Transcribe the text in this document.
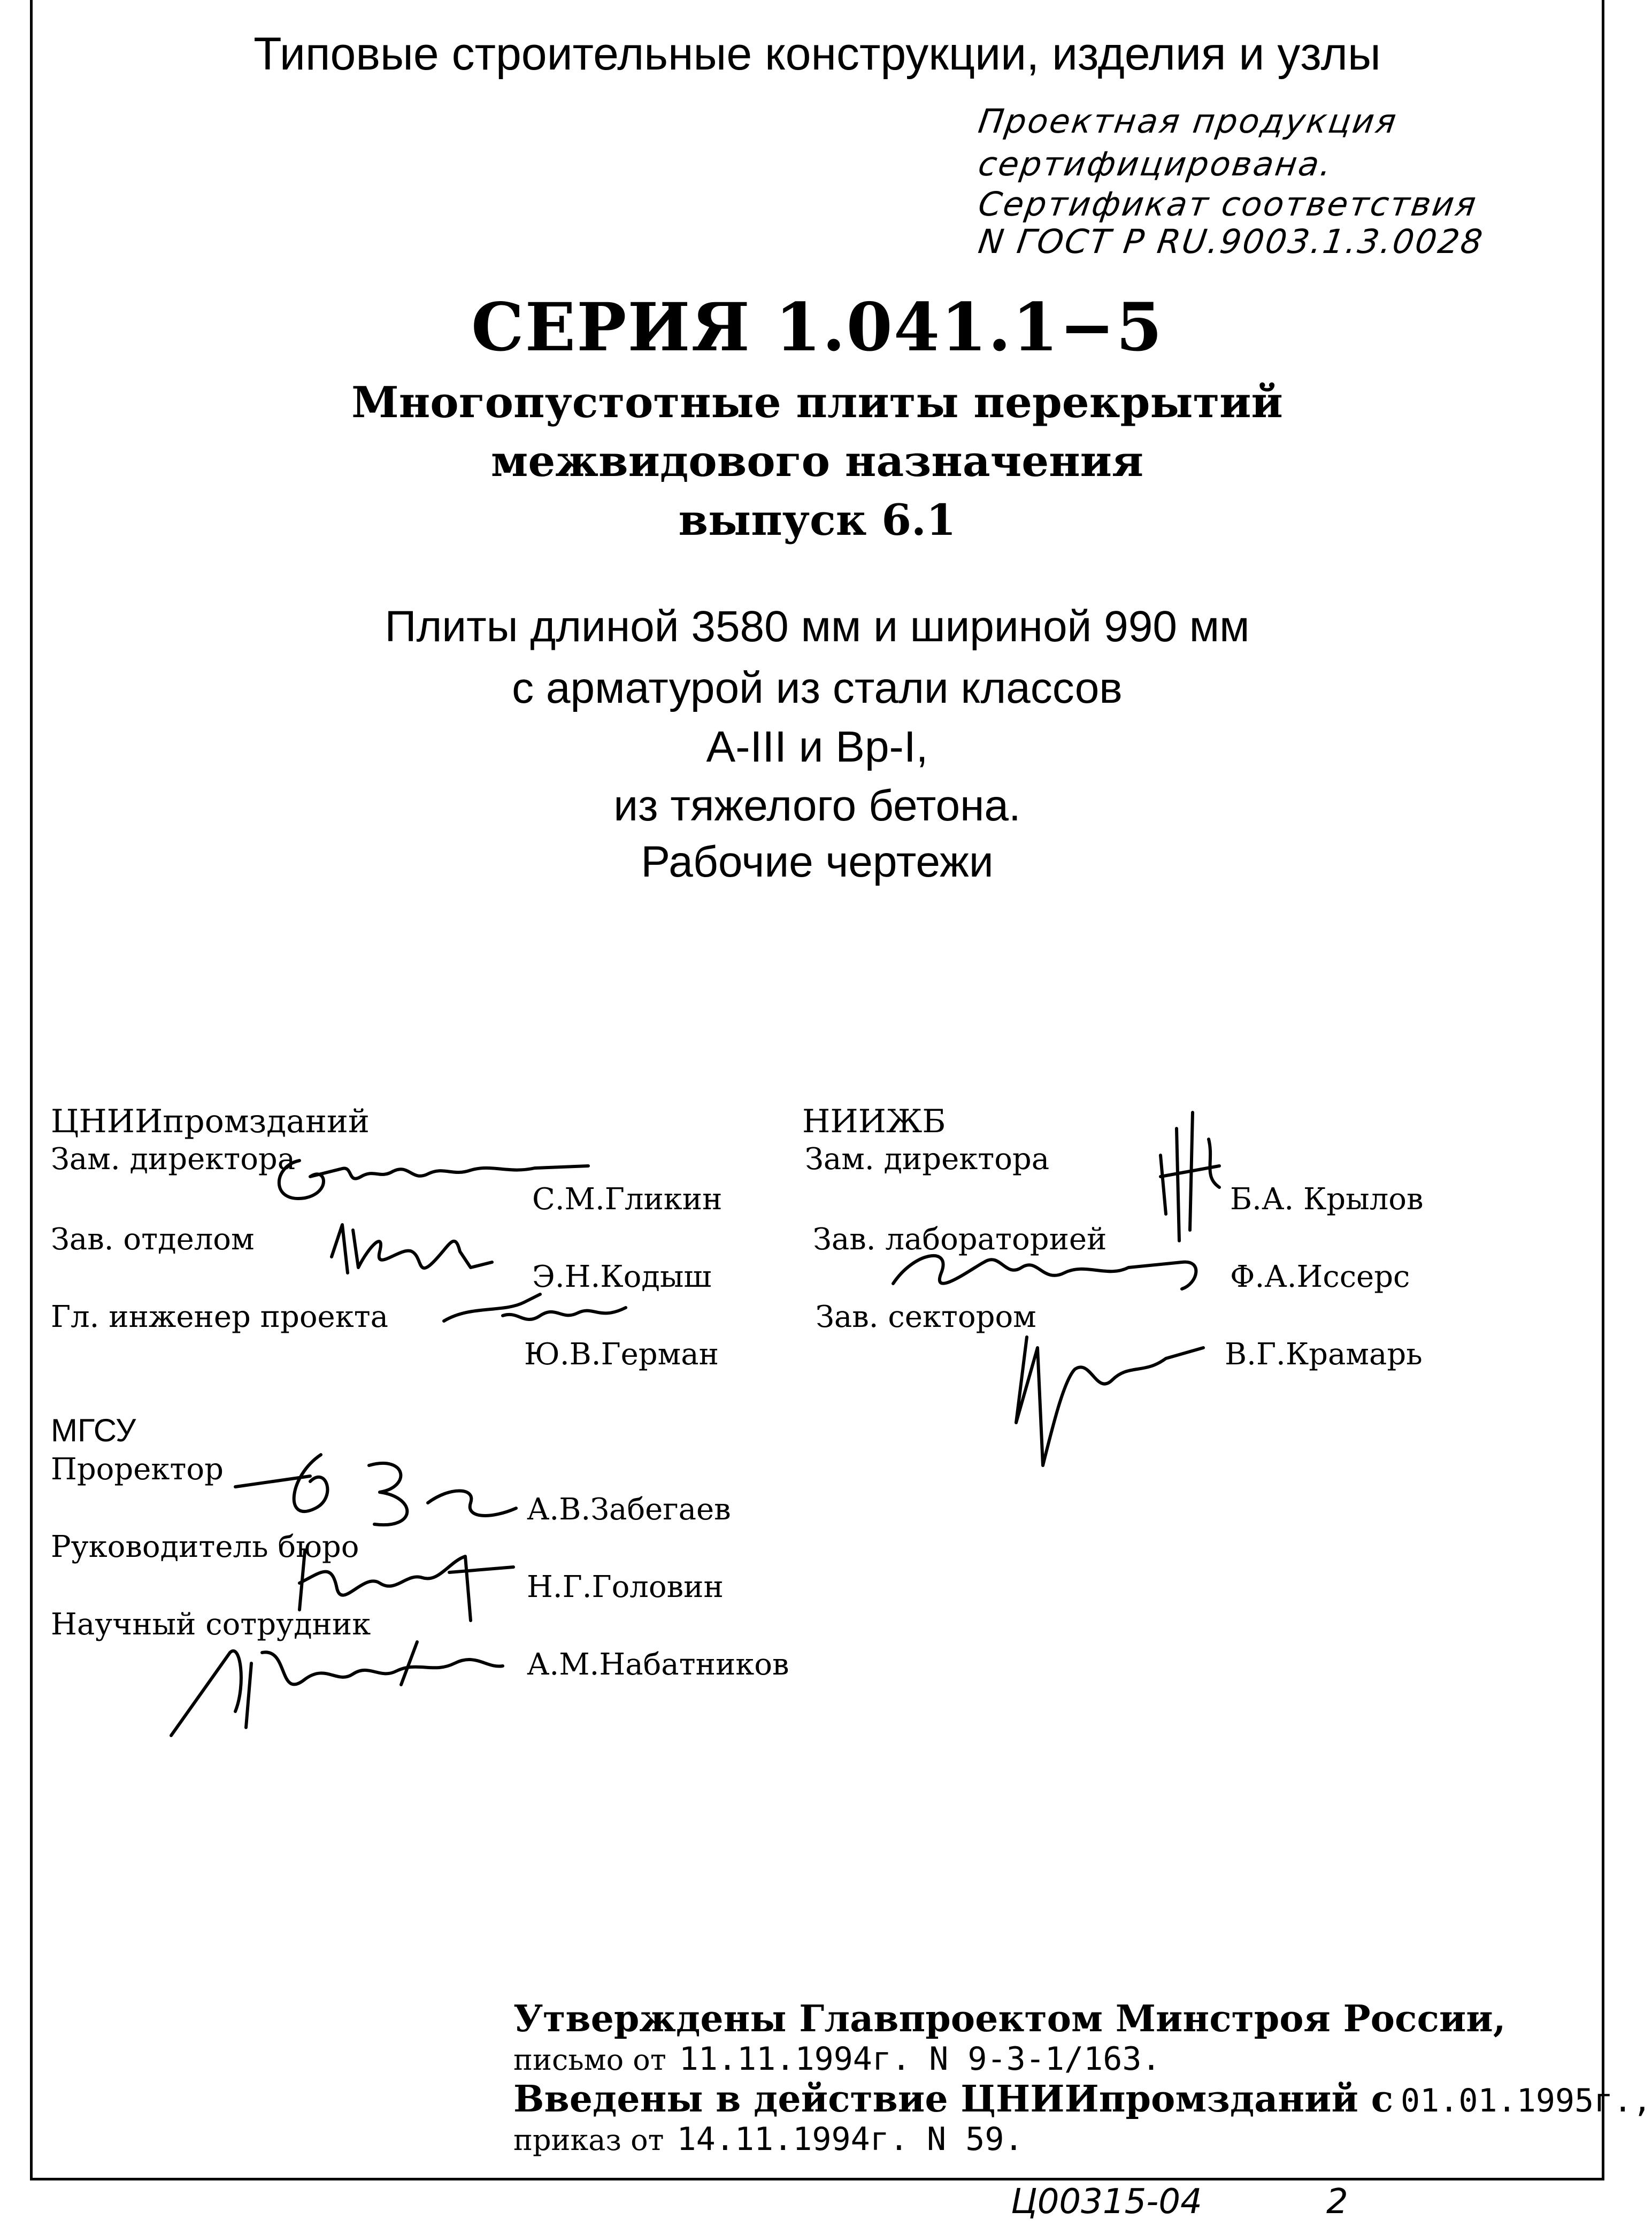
Типовые строительные конструкции, изделия и узлы
Проектная продукция
сертифицирована.
Сертификат соответствия
N ГОСТ Р RU.9003.1.3.0028
СЕРИЯ 1.041.1−5
Многопустотные плиты перекрытий
межвидового назначения
выпуск 6.1
Плиты длиной 3580 мм и шириной 990 мм
с арматурой из стали классов
А-III и Вр-I,
из тяжелого бетона.
Рабочие чертежи
ЦНИИпромзданий
Зам. директора
С.М.Гликин
Зав. отделом
Э.Н.Кодыш
Гл. инженер проекта
Ю.В.Герман
НИИЖБ
Зам. директора
Б.А. Крылов
Зав. лабораторией
Ф.А.Иссерс
Зав. сектором
В.Г.Крамарь
МГСУ
Проректор
А.В.Забегаев
Руководитель бюро
Н.Г.Головин
Научный сотрудник
А.М.Набатников
Утверждены Главпроектом Минстроя России,
письмо от 11.11.1994г. N 9-3-1/163.
Введены в действие ЦНИИпромзданий с 01.01.1995г.,
приказ от 14.11.1994г. N 59.
Ц00315-04	2
